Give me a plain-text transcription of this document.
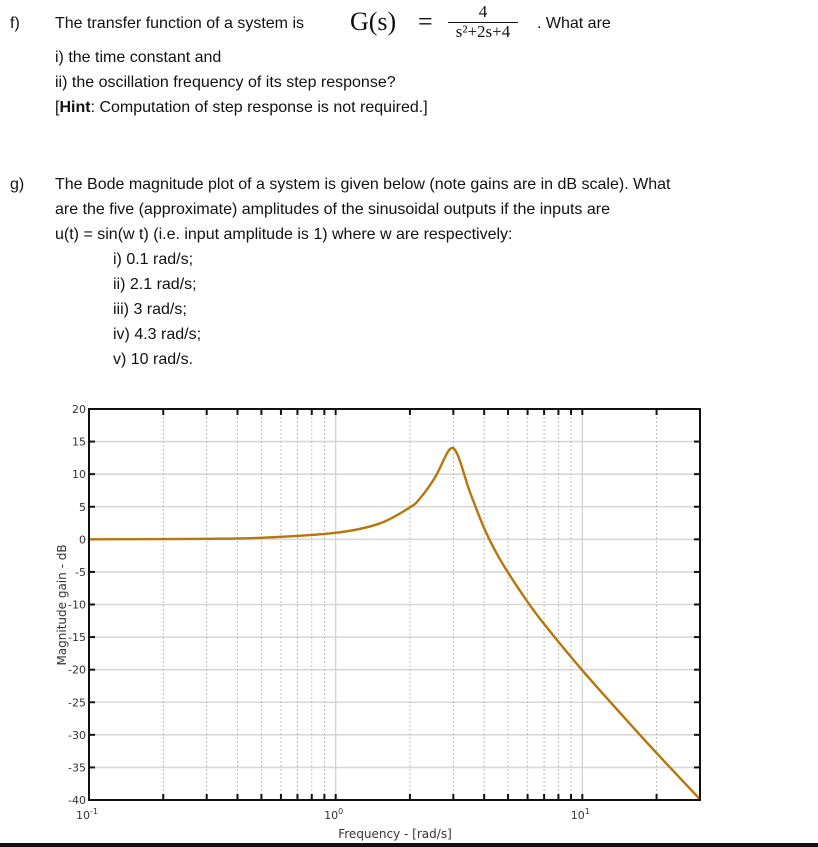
f) The transfer function of a system is $G(s) = \frac{4}{\text{s²+2s+4}}$ . What are
i) the time constant and
ii) the oscillation frequency of its step response?
[Hint: Computation of step response is not required.]
g) The Bode magnitude plot of a system is given below (note gains are in dB scale). What
are the five (approximate) amplitudes of the sinusoidal outputs if the inputs are
u(t) = sin(w t) (i.e. input amplitude is 1) where w are respectively:
i) 0.1 rad/s;
ii) 2.1 rad/s;
iii) 3 rad/s;
iv) 4.3 rad/s;
v) 10 rad/s.
20
15
10
5
0
-5
-10
-15
-20
-25
-30
-35
-40
$10^{-1}$	$10^0$	$10^1$
Frequency - [rad/s]
Magnitude gain - dB
